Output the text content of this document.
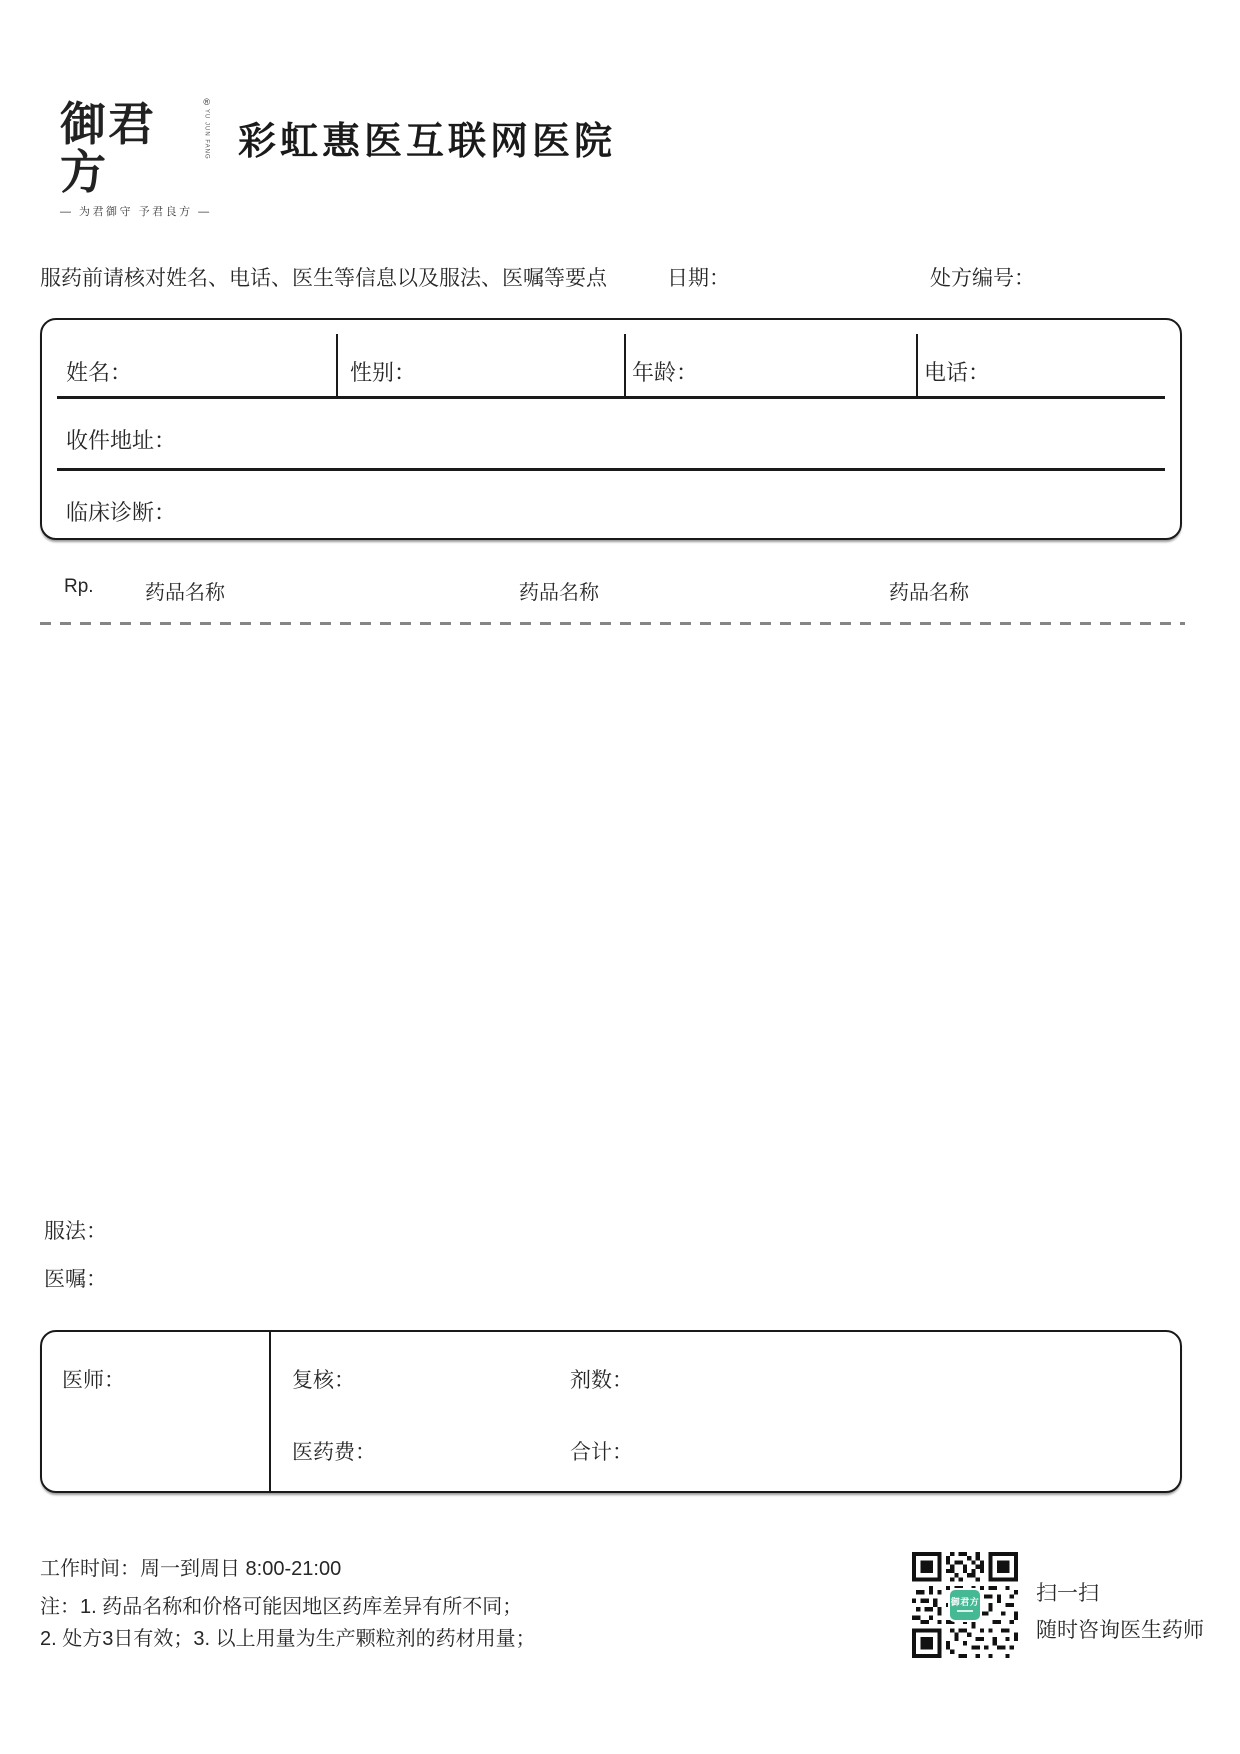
御君方
®
YU JUN FANG
— 为君御守 予君良方 —
彩虹惠医互联网医院
服药前请核对姓名、电话、医生等信息以及服法、医嘱等要点	日期：	处方编号：
姓名：	性别：	年龄：	电话：
收件地址：
临床诊断：
Rp.	药品名称	药品名称	药品名称
服法：
医嘱：
医师：	复核：	剂数：
医药费：	合计：
工作时间：周一到周日 8:00-21:00
注：1. 药品名称和价格可能因地区药库差异有所不同；
2. 处方3日有效；3. 以上用量为生产颗粒剂的药材用量；
御君方	扫一扫
随时咨询医生药师
